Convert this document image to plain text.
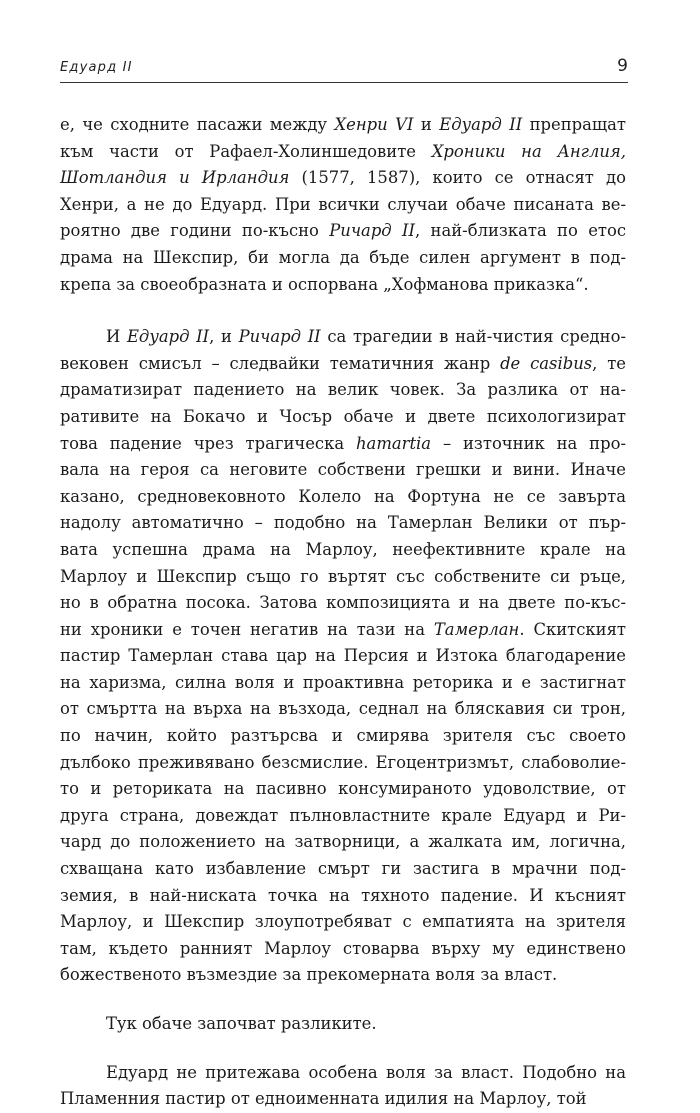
Едуард II	9
е, че сходните пасажи между Хенри VI и Едуард II препращат
към части от Рафаел-Холиншедовите Хроники на Англия,
Шотландия и Ирландия (1577, 1587), които се отнасят до
Хенри, а не до Едуард. При всички случаи обаче писаната ве-
роятно две години по-късно Ричард II, най-близката по етос
драма на Шекспир, би могла да бъде силен аргумент в под-
крепа за своеобразната и оспорвана „Хофманова приказка“.
И Едуард II, и Ричард II са трагедии в най-чистия средно-
вековен смисъл – следвайки тематичния жанр de casibus, те
драматизират падението на велик човек. За разлика от на-
ративите на Бокачо и Чосър обаче и двете психологизират
това падение чрез трагическа hamartia – източник на про-
вала на героя са неговите собствени грешки и вини. Иначе
казано, средновековното Колело на Фортуна не се завърта
надолу автоматично – подобно на Тамерлан Велики от пър-
вата успешна драма на Марлоу, неефективните крале на
Марлоу и Шекспир също го въртят със собствените си ръце,
но в обратна посока. Затова композицията и на двете по-къс-
ни хроники е точен негатив на тази на Тамерлан. Скитският
пастир Тамерлан става цар на Персия и Изтока благодарение
на харизма, силна воля и проактивна реторика и е застигнат
от смъртта на върха на възхода, седнал на бляскавия си трон,
по начин, който разтърсва и смирява зрителя със своето
дълбоко преживявано безсмислие. Егоцентризмът, слабоволие-
то и реториката на пасивно консумираното удоволствие, от
друга страна, довеждат пълновластните крале Едуард и Ри-
чард до положението на затворници, а жалката им, логична,
схващана като избавление смърт ги застига в мрачни под-
земия, в най-ниската точка на тяхното падение. И късният
Марлоу, и Шекспир злоупотребяват с емпатията на зрителя
там, където ранният Марлоу стоварва върху му единствено
божественото възмездие за прекомерната воля за власт.
Тук обаче започват разликите.
Едуард не притежава особена воля за власт. Подобно на
Пламенния пастир от едноименната идилия на Марлоу, той
